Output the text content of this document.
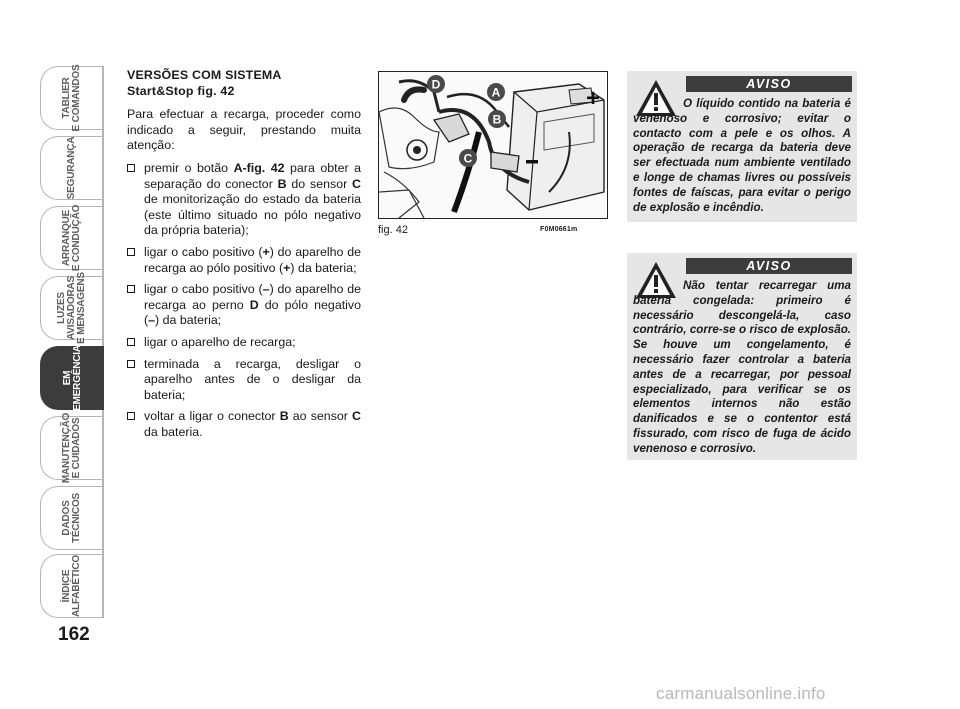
TABLIER
E COMANDOS
SEGURANÇA
ARRANQUE
E CONDUÇÃO
LUZES
AVISADORAS
E MENSAGENS
EM
EMERGÊNCIA
MANUTENÇÃO
E CUIDADOS
DADOS
TÉCNICOS
ÍNDICE
ALFABÉTICO
162
VERSÕES COM SISTEMA
Start&Stop fig. 42

Para efectuar a recarga, proceder como indicado a seguir, prestando muita atenção:

premir o botão A-fig. 42 para obter a separação do conector B do sensor C de monitorização do estado da bateria (este último situado no pólo negativo da própria bateria);
ligar o cabo positivo (+) do aparelho de recarga ao pólo positivo (+) da bateria;
ligar o cabo positivo (–) do aparelho de recarga ao perno D do pólo negativo (–) da bateria;
ligar o aparelho de recarga;
terminada a recarga, desligar o aparelho antes de o desligar da bateria;
voltar a ligar o conector B ao sensor C da bateria.
+
D
A
B
C
fig. 42	F0M0661m
AVISO
O líquido contido na bateria é venenoso e corrosivo; evitar o contacto com a pele e os olhos. A operação de recarga da bateria deve ser efectuada num ambiente ventilado e longe de chamas livres ou possíveis fontes de faíscas, para evitar o perigo de explosão e incêndio.
AVISO
Não tentar recarregar uma bateria congelada: primeiro é necessário descongelá-la, caso contrário, corre-se o risco de explosão. Se houve um congelamento, é necessário fazer controlar a bateria antes de a recarregar, por pessoal especializado, para verificar se os elementos internos não estão danificados e se o contentor está fissurado, com risco de fuga de ácido venenoso e corrosivo.
carmanualsonline.info
